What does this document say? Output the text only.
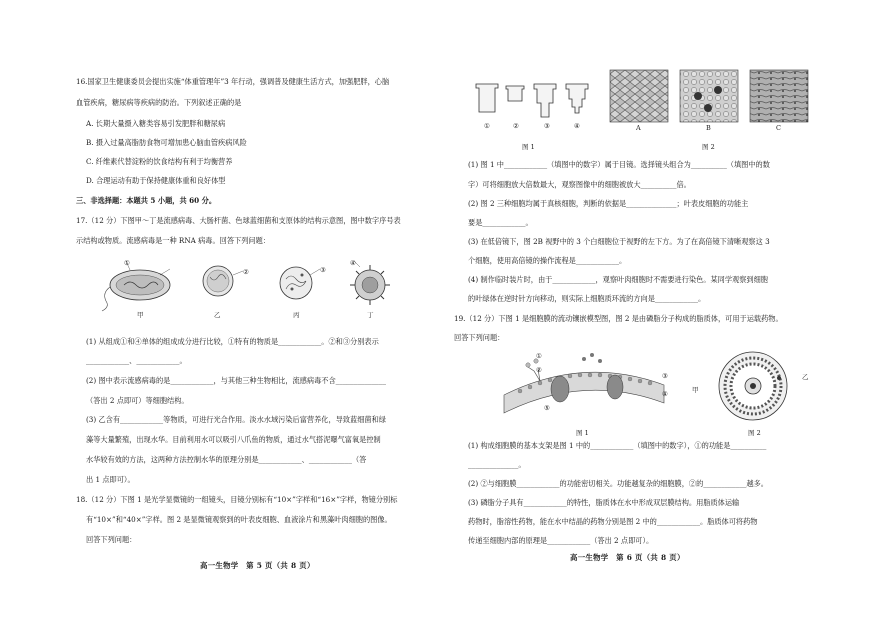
16.国家卫生健康委员会提出实施“体重管理年”3 年行动，强调普及健康生活方式，加强肥胖，心脑
血管疾病，糖尿病等疾病的防治。下列叙述正确的是
A. 长期大量摄入糖类容易引发肥胖和糖尿病
B. 摄入过量高脂肪食物可增加患心脑血管疾病风险
C. 纤维素代替淀粉的饮食结构有利于均衡营养
D. 合理运动有助于保持健康体重和良好体型
三、非选择题：本题共 5 小题，共 60 分。
17.（12 分）下图甲～丁是流感病毒、大肠杆菌、色球蓝细菌和支原体的结构示意图，图中数字序号表
示结构或物质。流感病毒是一种 RNA 病毒。回答下列问题：
①
②	③
④
甲	乙	丙	丁
(1) 从组成①和④单体的组成成分进行比较，①特有的物质是____________。②和③分别表示
____________、____________。
(2) 图中表示流感病毒的是____________，与其他三种生物相比，流感病毒不含______________
（答出 2 点即可）等细胞结构。
(3) 乙含有____________等物质，可进行光合作用。淡水水域污染后富营养化，导致蓝细菌和绿
藻等大量繁殖，出现水华。目前利用水可以吸引八爪鱼的物质，通过水气搭泥曝气富氧是控制
水华较有效的方法，这两种方法控制水华的原理分别是____________、____________（答
出 1 点即可）。
18.（12 分）下图 1 是光学显微镜的一组镜头，目镜分别标有“10×”字样和“16×”字样，物镜分别标
有“10×”和“40×”字样。图 2 是显微镜观察到的叶表皮细胞、血液涂片和黑藻叶肉细胞的图像。
回答下列问题：
高一生物学　第 5 页（共 8 页）
①	②	③	④
图 1
A	B	C
图 2
(1) 图 1 中____________（填图中的数字）属于目镜。选择镜头组合为__________（填图中的数
字）可将细胞放大倍数最大，观察图像中的细胞被放大__________倍。
(2) 图 2 三种细胞均属于真核细胞，判断的依据是______________；叶表皮细胞的功能主
要是____________。
(3) 在低倍镜下，图 2B 视野中的 3 个白细胞位于视野的左下方。为了在高倍镜下清晰观察这 3
个细胞，使用高倍镜的操作流程是____________。
(4) 制作临时装片时，由于____________，观察叶肉细胞时不需要进行染色。某同学观察到细胞
的叶绿体在逆时针方向移动，则实际上细胞质环流的方向是____________。
19.（12 分）下图 1 是细胞膜的流动镶嵌模型图，图 2 是由磷脂分子构成的脂质体，可用于运载药物。
回答下列问题：
①
②
③
④
⑤
图 1
甲
乙
图 2
(1) 构成细胞膜的基本支架是图 1 中的____________（填图中的数字），①的功能是__________
______________。
(2) ②与细胞膜____________的功能密切相关。功能越复杂的细胞膜，②的____________越多。
(3) 磷脂分子具有____________的特性，脂质体在水中形成双层膜结构。用脂质体运输
药物时，脂溶性药物，能在水中结晶的药物分别是图 2 中的____________。脂质体可将药物
传递至细胞内部的原理是____________（答出 2 点即可）。
高一生物学　第 6 页（共 8 页）
